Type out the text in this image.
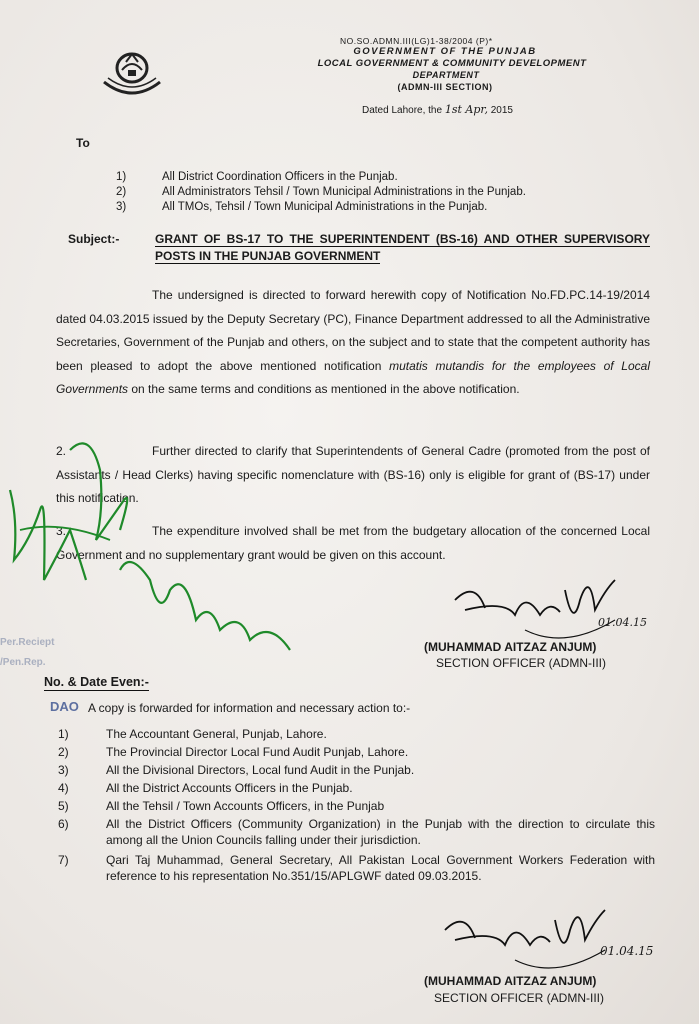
NO.SO.ADMN.III(LG)1-38/2004 (P)*
GOVERNMENT OF THE PUNJAB
LOCAL GOVERNMENT & COMMUNITY DEVELOPMENT
DEPARTMENT
(ADMN-III SECTION)
Dated Lahore, the 1st Apr, 2015
To
1)	All District Coordination Officers in the Punjab.
2)	All Administrators Tehsil / Town Municipal Administrations in the Punjab.
3)	All TMOs, Tehsil / Town Municipal Administrations in the Punjab.
Subject:-	GRANT OF BS-17 TO THE SUPERINTENDENT (BS-16) AND OTHER SUPERVISORY POSTS IN THE PUNJAB GOVERNMENT
The undersigned is directed to forward herewith copy of Notification No.FD.PC.14-19/2014 dated 04.03.2015 issued by the Deputy Secretary (PC), Finance Department addressed to all the Administrative Secretaries, Government of the Punjab and others, on the subject and to state that the competent authority has been pleased to adopt the above mentioned notification mutatis mutandis for the employees of Local Governments on the same terms and conditions as mentioned in the above notification.
2.	Further directed to clarify that Superintendents of General Cadre (promoted from the post of Assistants / Head Clerks) having specific nomenclature with (BS-16) only is eligible for grant of (BS-17) under this notification.
3.	The expenditure involved shall be met from the budgetary allocation of the concerned Local Government and no supplementary grant would be given on this account.
Per.Reciept
/Pen.Rep.
01.04.15
(MUHAMMAD AITZAZ ANJUM)
SECTION OFFICER (ADMN-III)
No. & Date Even:-
DAO A copy is forwarded for information and necessary action to:-
1)	The Accountant General, Punjab, Lahore.
2)	The Provincial Director Local Fund Audit Punjab, Lahore.
3)	All the Divisional Directors, Local fund Audit in the Punjab.
4)	All the District Accounts Officers in the Punjab.
5)	All the Tehsil / Town Accounts Officers, in the Punjab
6)	All the District Officers (Community Organization) in the Punjab with the direction to circulate this among all the Union Councils falling under their jurisdiction.
7)	Qari Taj Muhammad, General Secretary, All Pakistan Local Government Workers Federation with reference to his representation No.351/15/APLGWF dated 09.03.2015.
01.04.15
(MUHAMMAD AITZAZ ANJUM)
SECTION OFFICER (ADMN-III)
